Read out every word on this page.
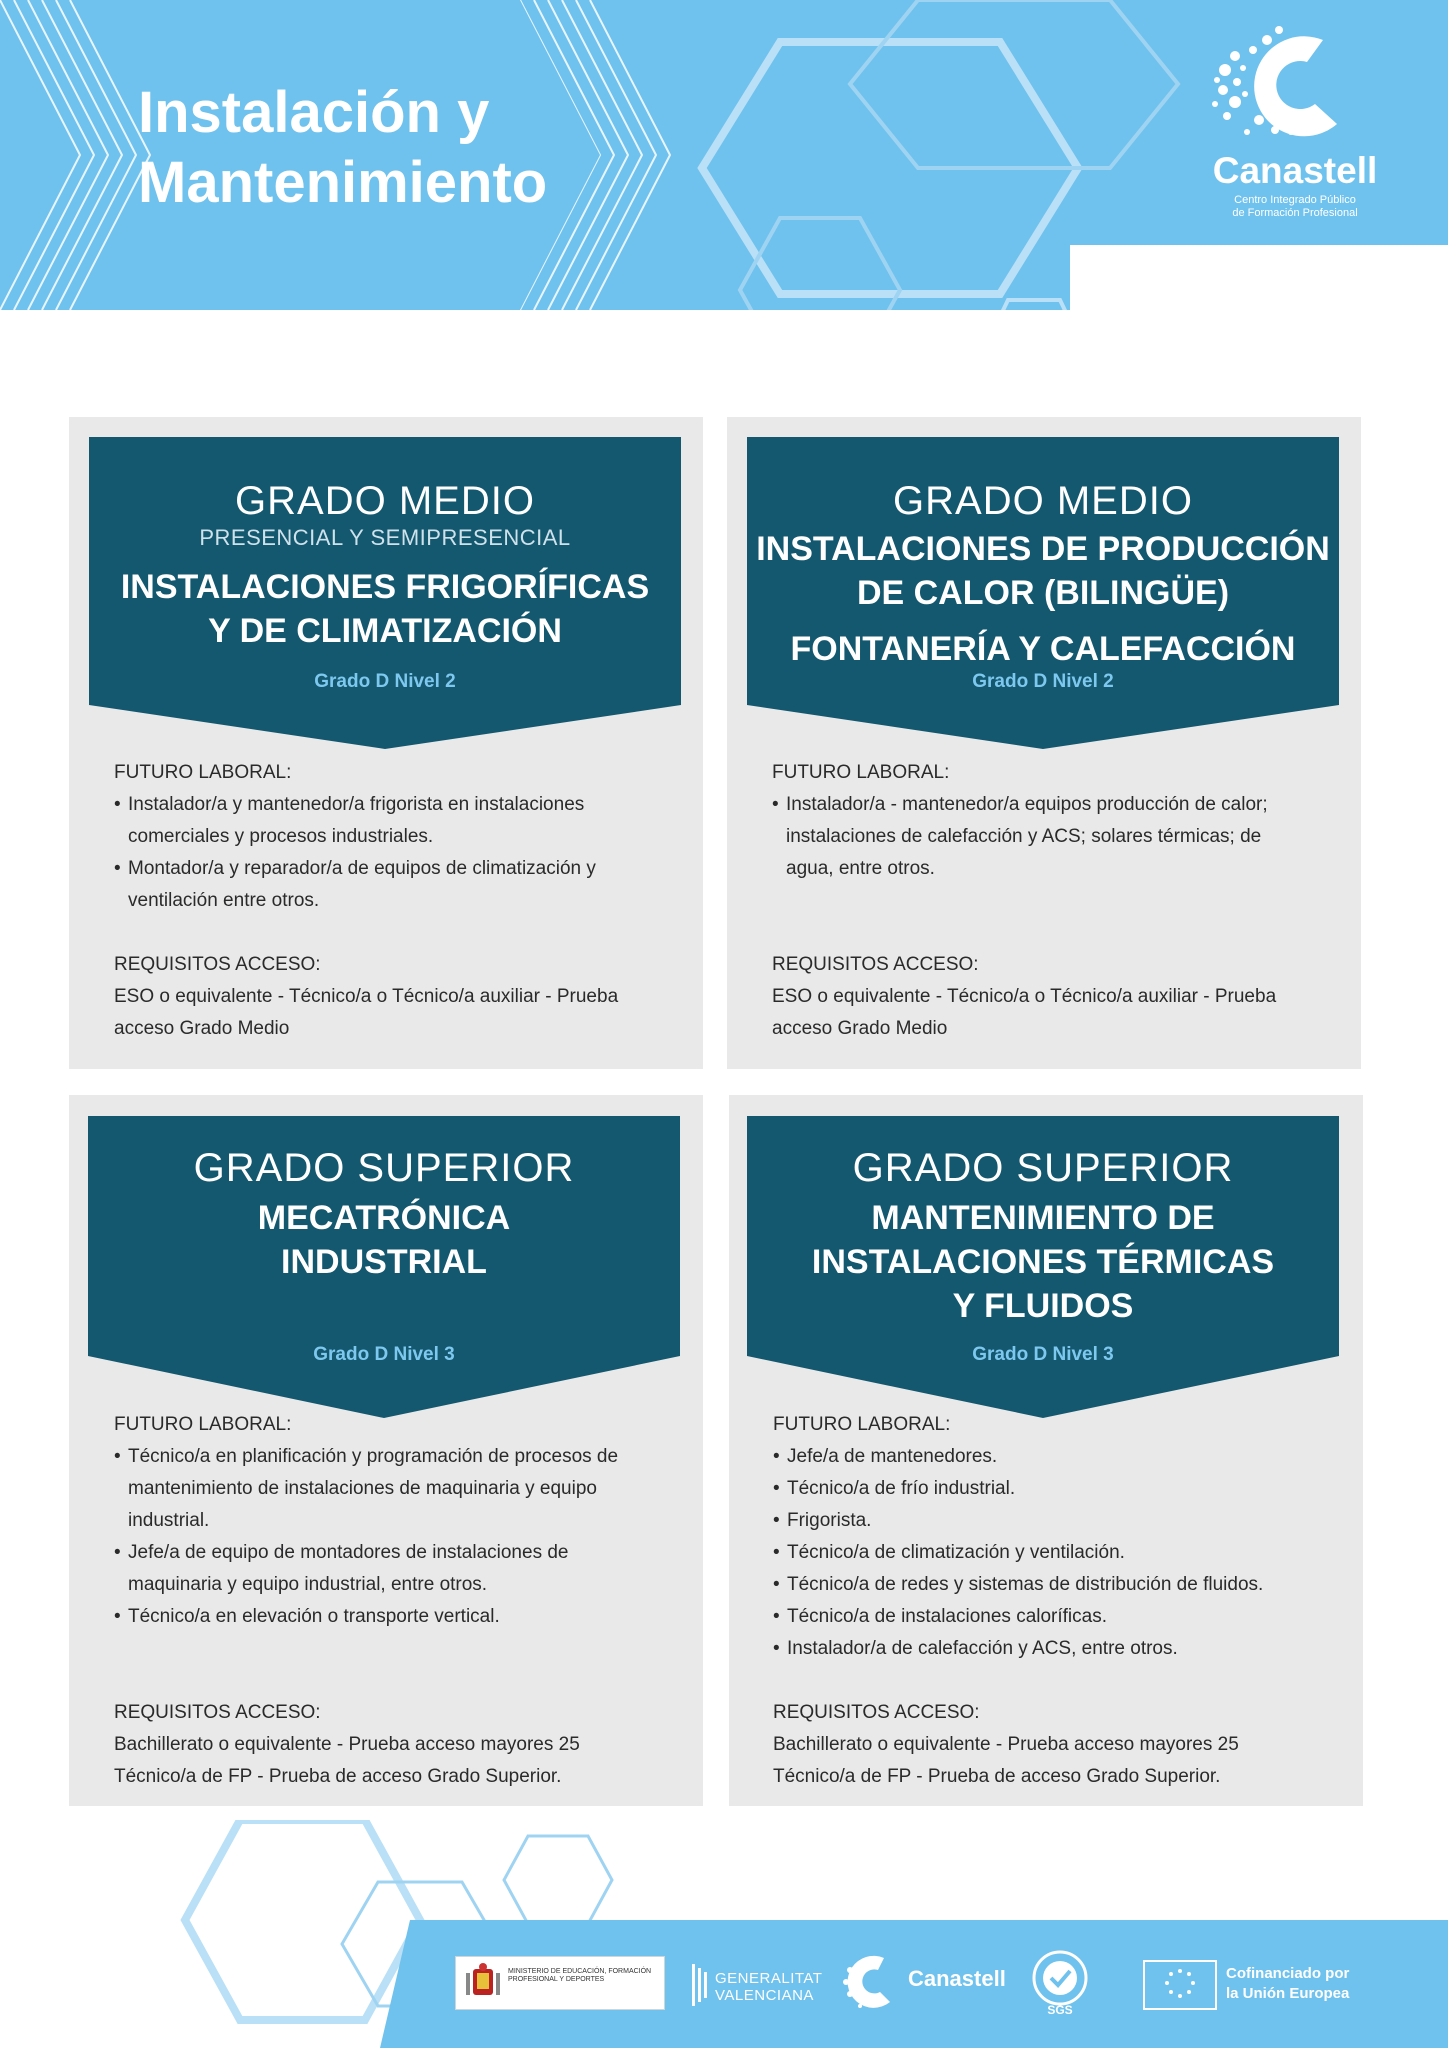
Instalación y
Mantenimiento	Canastell
Centro Integrado Público
de Formación Profesional
GRADO MEDIO
PRESENCIAL Y SEMIPRESENCIAL
INSTALACIONES FRIGORÍFICAS
Y DE CLIMATIZACIÓN
Grado D Nivel 2
FUTURO LABORAL:
• Instalador/a y mantenedor/a frigorista en instalaciones comerciales y procesos industriales.
• Montador/a y reparador/a de equipos de climatización y ventilación entre otros.
REQUISITOS ACCESO:
ESO o equivalente - Técnico/a o Técnico/a auxiliar - Prueba acceso Grado Medio
GRADO MEDIO
INSTALACIONES DE PRODUCCIÓN
DE CALOR (BILINGÜE)
FONTANERÍA Y CALEFACCIÓN
Grado D Nivel 2
FUTURO LABORAL:
• Instalador/a - mantenedor/a equipos producción de calor; instalaciones de calefacción y ACS; solares térmicas; de agua, entre otros.
REQUISITOS ACCESO:
ESO o equivalente - Técnico/a o Técnico/a auxiliar - Prueba acceso Grado Medio
GRADO SUPERIOR
MECATRÓNICA
INDUSTRIAL
Grado D Nivel 3
FUTURO LABORAL:
• Técnico/a en planificación y programación de procesos de mantenimiento de instalaciones de maquinaria y equipo industrial.
• Jefe/a de equipo de montadores de instalaciones de maquinaria y equipo industrial, entre otros.
• Técnico/a en elevación o transporte vertical.
REQUISITOS ACCESO:
Bachillerato o equivalente - Prueba acceso mayores 25
Técnico/a de FP - Prueba de acceso Grado Superior.
GRADO SUPERIOR
MANTENIMIENTO DE
INSTALACIONES TÉRMICAS
Y FLUIDOS
Grado D Nivel 3
FUTURO LABORAL:
• Jefe/a de mantenedores.
• Técnico/a de frío industrial.
• Frigorista.
• Técnico/a de climatización y ventilación.
• Técnico/a de redes y sistemas de distribución de fluidos.
• Técnico/a de instalaciones caloríficas.
• Instalador/a de calefacción y ACS, entre otros.
REQUISITOS ACCESO:
Bachillerato o equivalente - Prueba acceso mayores 25
Técnico/a de FP - Prueba de acceso Grado Superior.
MINISTERIO DE EDUCACIÓN, FORMACIÓN PROFESIONAL Y DEPORTES	GENERALITAT
VALENCIANA
Canastell
SGS
Cofinanciado por
la Unión Europea
